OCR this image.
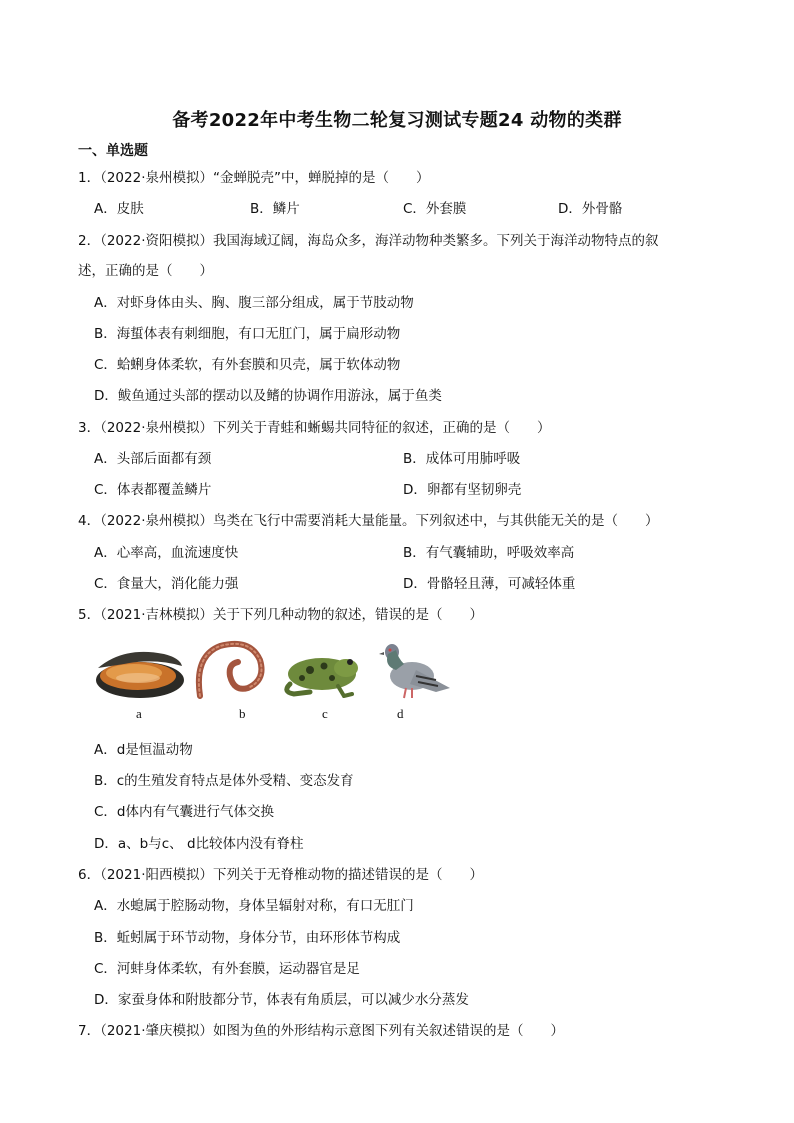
备考2022年中考生物二轮复习测试专题24 动物的类群
一、单选题
1．（2022·泉州模拟）“金蝉脱壳”中，蝉脱掉的是（　　）
A．皮肤	B．鳞片	C．外套膜	D．外骨骼
2．（2022·资阳模拟）我国海域辽阔，海岛众多，海洋动物种类繁多。下列关于海洋动物特点的叙
述，正确的是（　　）
A．对虾身体由头、胸、腹三部分组成，属于节肢动物
B．海蜇体表有刺细胞，有口无肛门，属于扁形动物
C．蛤蜊身体柔软，有外套膜和贝壳，属于软体动物
D．鲅鱼通过头部的摆动以及鳍的协调作用游泳，属于鱼类
3．（2022·泉州模拟）下列关于青蛙和蜥蜴共同特征的叙述，正确的是（　　）
A．头部后面都有颈	B．成体可用肺呼吸
C．体表都覆盖鳞片	D．卵都有坚韧卵壳
4．（2022·泉州模拟）鸟类在飞行中需要消耗大量能量。下列叙述中，与其供能无关的是（　　）
A．心率高，血流速度快	B．有气囊辅助，呼吸效率高
C．食量大，消化能力强	D．骨骼轻且薄，可减轻体重
5．（2021·吉林模拟）关于下列几种动物的叙述，错误的是（　　）
a	b	c	d
A．d是恒温动物
B．c的生殖发育特点是体外受精、变态发育
C．d体内有气囊进行气体交换
D．a、b与c、 d比较体内没有脊柱
6．（2021·阳西模拟）下列关于无脊椎动物的描述错误的是（　　）
A．水螅属于腔肠动物，身体呈辐射对称，有口无肛门
B．蚯蚓属于环节动物，身体分节，由环形体节构成
C．河蚌身体柔软，有外套膜，运动器官是足
D．家蚕身体和附肢都分节，体表有角质层，可以减少水分蒸发
7．（2021·肇庆模拟）如图为鱼的外形结构示意图下列有关叙述错误的是（　　）
